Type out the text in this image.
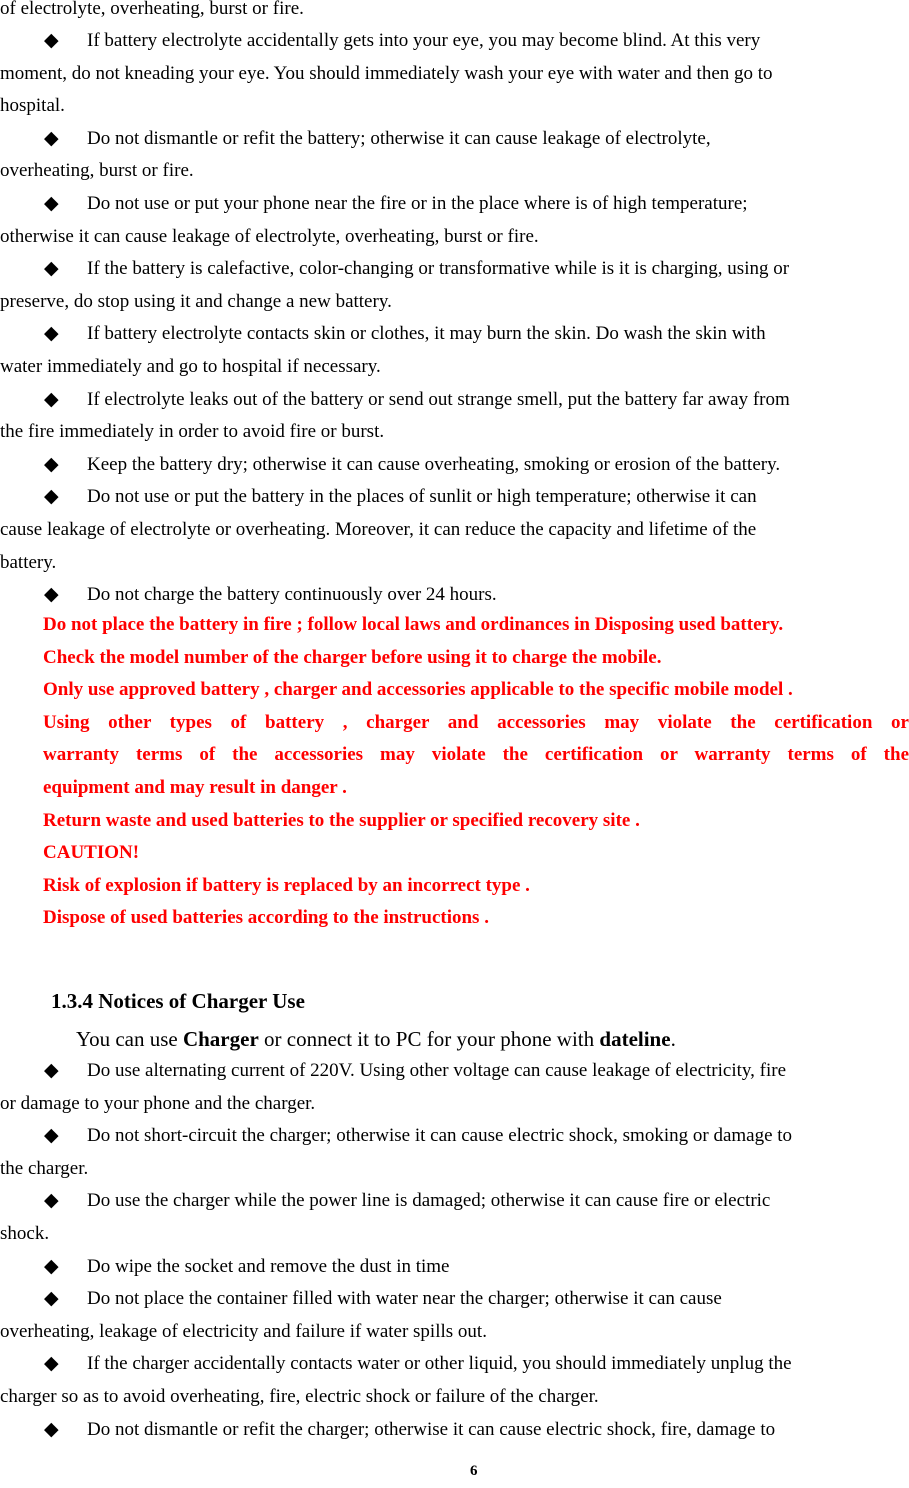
of electrolyte, overheating, burst or fire.
◆ If battery electrolyte accidentally gets into your eye, you may become blind. At this very
moment, do not kneading your eye. You should immediately wash your eye with water and then go to
hospital.
◆ Do not dismantle or refit the battery; otherwise it can cause leakage of electrolyte,
overheating, burst or fire.
◆ Do not use or put your phone near the fire or in the place where is of high temperature;
otherwise it can cause leakage of electrolyte, overheating, burst or fire.
◆ If the battery is calefactive, color-changing or transformative while is it is charging, using or
preserve, do stop using it and change a new battery.
◆ If battery electrolyte contacts skin or clothes, it may burn the skin. Do wash the skin with
water immediately and go to hospital if necessary.
◆ If electrolyte leaks out of the battery or send out strange smell, put the battery far away from
the fire immediately in order to avoid fire or burst.
◆ Keep the battery dry; otherwise it can cause overheating, smoking or erosion of the battery.
◆ Do not use or put the battery in the places of sunlit or high temperature; otherwise it can
cause leakage of electrolyte or overheating. Moreover, it can reduce the capacity and lifetime of the
battery.
◆ Do not charge the battery continuously over 24 hours.
Do not place the battery in fire ; follow local laws and ordinances in Disposing used battery.
Check the model number of the charger before using it to charge the mobile.
Only use approved battery , charger and accessories applicable to the specific mobile model .
Using other types of battery , charger and accessories may violate the certification or
warranty terms of the accessories may violate the certification or warranty terms of the
equipment and may result in danger .
Return waste and used batteries to the supplier or specified recovery site .
CAUTION!
Risk of explosion if battery is replaced by an incorrect type .
Dispose of used batteries according to the instructions .
1.3.4 Notices of Charger Use
You can use Charger or connect it to PC for your phone with dateline.
◆ Do use alternating current of 220V. Using other voltage can cause leakage of electricity, fire
or damage to your phone and the charger.
◆ Do not short-circuit the charger; otherwise it can cause electric shock, smoking or damage to
the charger.
◆ Do use the charger while the power line is damaged; otherwise it can cause fire or electric
shock.
◆ Do wipe the socket and remove the dust in time
◆ Do not place the container filled with water near the charger; otherwise it can cause
overheating, leakage of electricity and failure if water spills out.
◆ If the charger accidentally contacts water or other liquid, you should immediately unplug the
charger so as to avoid overheating, fire, electric shock or failure of the charger.
◆ Do not dismantle or refit the charger; otherwise it can cause electric shock, fire, damage to
6
